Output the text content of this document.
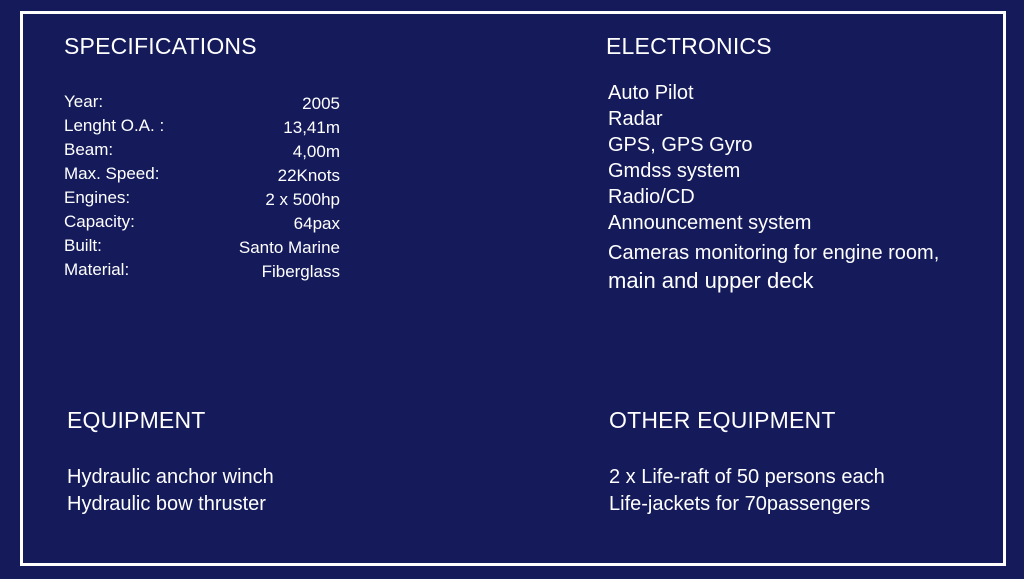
SPECIFICATIONS
Year:	2005
Lenght O.A. :	13,41m
Beam:	4,00m
Max. Speed:	22Knots
Engines:	2 x 500hp
Capacity:	64pax
Built:	Santo Marine
Material:	Fiberglass
ELECTRONICS
Auto Pilot
Radar
GPS, GPS Gyro
Gmdss system
Radio/CD
Announcement system
Cameras monitoring for engine room,
main and upper deck
EQUIPMENT
Hydraulic anchor winch
Hydraulic bow thruster
OTHER EQUIPMENT
2 x Life-raft of 50 persons each
Life-jackets for 70passengers
